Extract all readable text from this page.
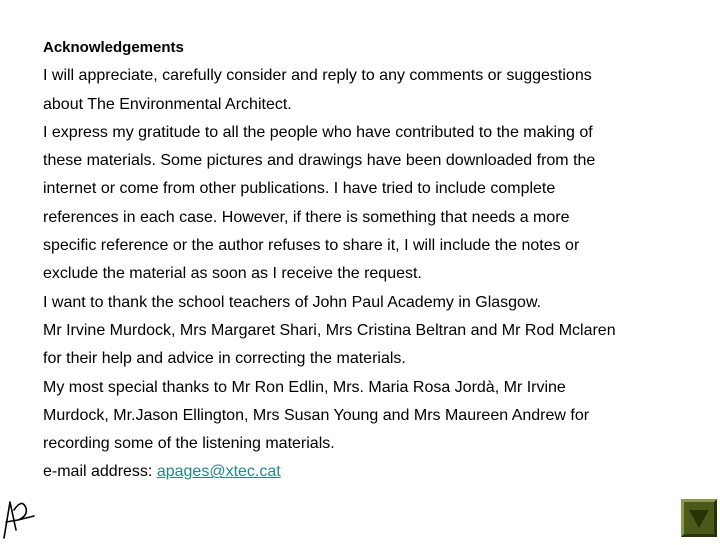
Acknowledgements
I will appreciate, carefully consider and reply to any comments or suggestions
about The Environmental Architect.
I express my gratitude to all the people who have contributed to the making of
these materials. Some pictures and drawings have been downloaded from the
internet or come from other publications. I have tried to include complete
references in each case. However, if there is something that needs a more
specific reference or the author refuses to share it, I will include the notes or
exclude the material as soon as I receive the request.
I want to thank the school teachers of John Paul Academy in Glasgow.
Mr Irvine Murdock, Mrs Margaret Shari, Mrs Cristina Beltran and Mr Rod Mclaren
for their help and advice in correcting the materials.
My most special thanks to Mr Ron Edlin, Mrs. Maria Rosa Jordà, Mr Irvine
Murdock, Mr.Jason Ellington, Mrs Susan Young and Mrs Maureen Andrew for
recording some of the listening materials.
e-mail address: apages@xtec.cat
